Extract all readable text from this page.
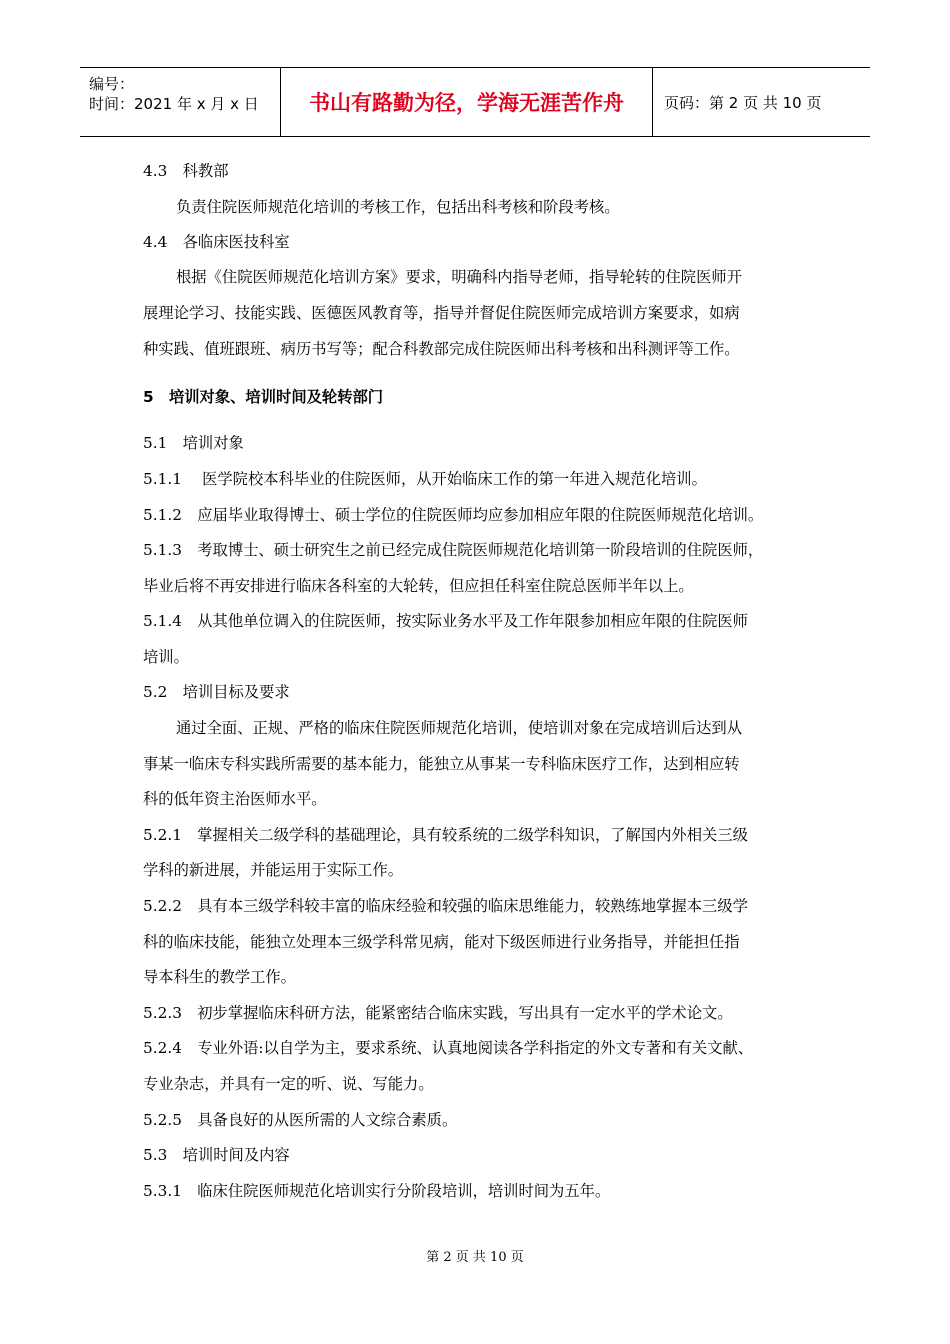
编号：
时间：2021 年 x 月 x 日	书山有路勤为径，学海无涯苦作舟	页码：第 2 页 共 10 页
4.3　科教部
负责住院医师规范化培训的考核工作，包括出科考核和阶段考核。
4.4　各临床医技科室
根据《住院医师规范化培训方案》要求，明确科内指导老师，指导轮转的住院医师开
展理论学习、技能实践、医德医风教育等，指导并督促住院医师完成培训方案要求，如病
种实践、值班跟班、病历书写等；配合科教部完成住院医师出科考核和出科测评等工作。
5　培训对象、培训时间及轮转部门
5.1　培训对象
5.1.1　 医学院校本科毕业的住院医师，从开始临床工作的第一年进入规范化培训。
5.1.2　应届毕业取得博士、硕士学位的住院医师均应参加相应年限的住院医师规范化培训。
5.1.3　考取博士、硕士研究生之前已经完成住院医师规范化培训第一阶段培训的住院医师，
毕业后将不再安排进行临床各科室的大轮转，但应担任科室住院总医师半年以上。
5.1.4　从其他单位调入的住院医师，按实际业务水平及工作年限参加相应年限的住院医师
培训。
5.2　培训目标及要求
通过全面、正规、严格的临床住院医师规范化培训，使培训对象在完成培训后达到从
事某一临床专科实践所需要的基本能力，能独立从事某一专科临床医疗工作，达到相应转
科的低年资主治医师水平。
5.2.1　掌握相关二级学科的基础理论，具有较系统的二级学科知识，了解国内外相关三级
学科的新进展，并能运用于实际工作。
5.2.2　具有本三级学科较丰富的临床经验和较强的临床思维能力，较熟练地掌握本三级学
科的临床技能，能独立处理本三级学科常见病，能对下级医师进行业务指导，并能担任指
导本科生的教学工作。
5.2.3　初步掌握临床科研方法，能紧密结合临床实践，写出具有一定水平的学术论文。
5.2.4　专业外语:以自学为主，要求系统、认真地阅读各学科指定的外文专著和有关文献、
专业杂志，并具有一定的听、说、写能力。
5.2.5　具备良好的从医所需的人文综合素质。
5.3　培训时间及内容
5.3.1　临床住院医师规范化培训实行分阶段培训，培训时间为五年。
第 2 页 共 10 页
